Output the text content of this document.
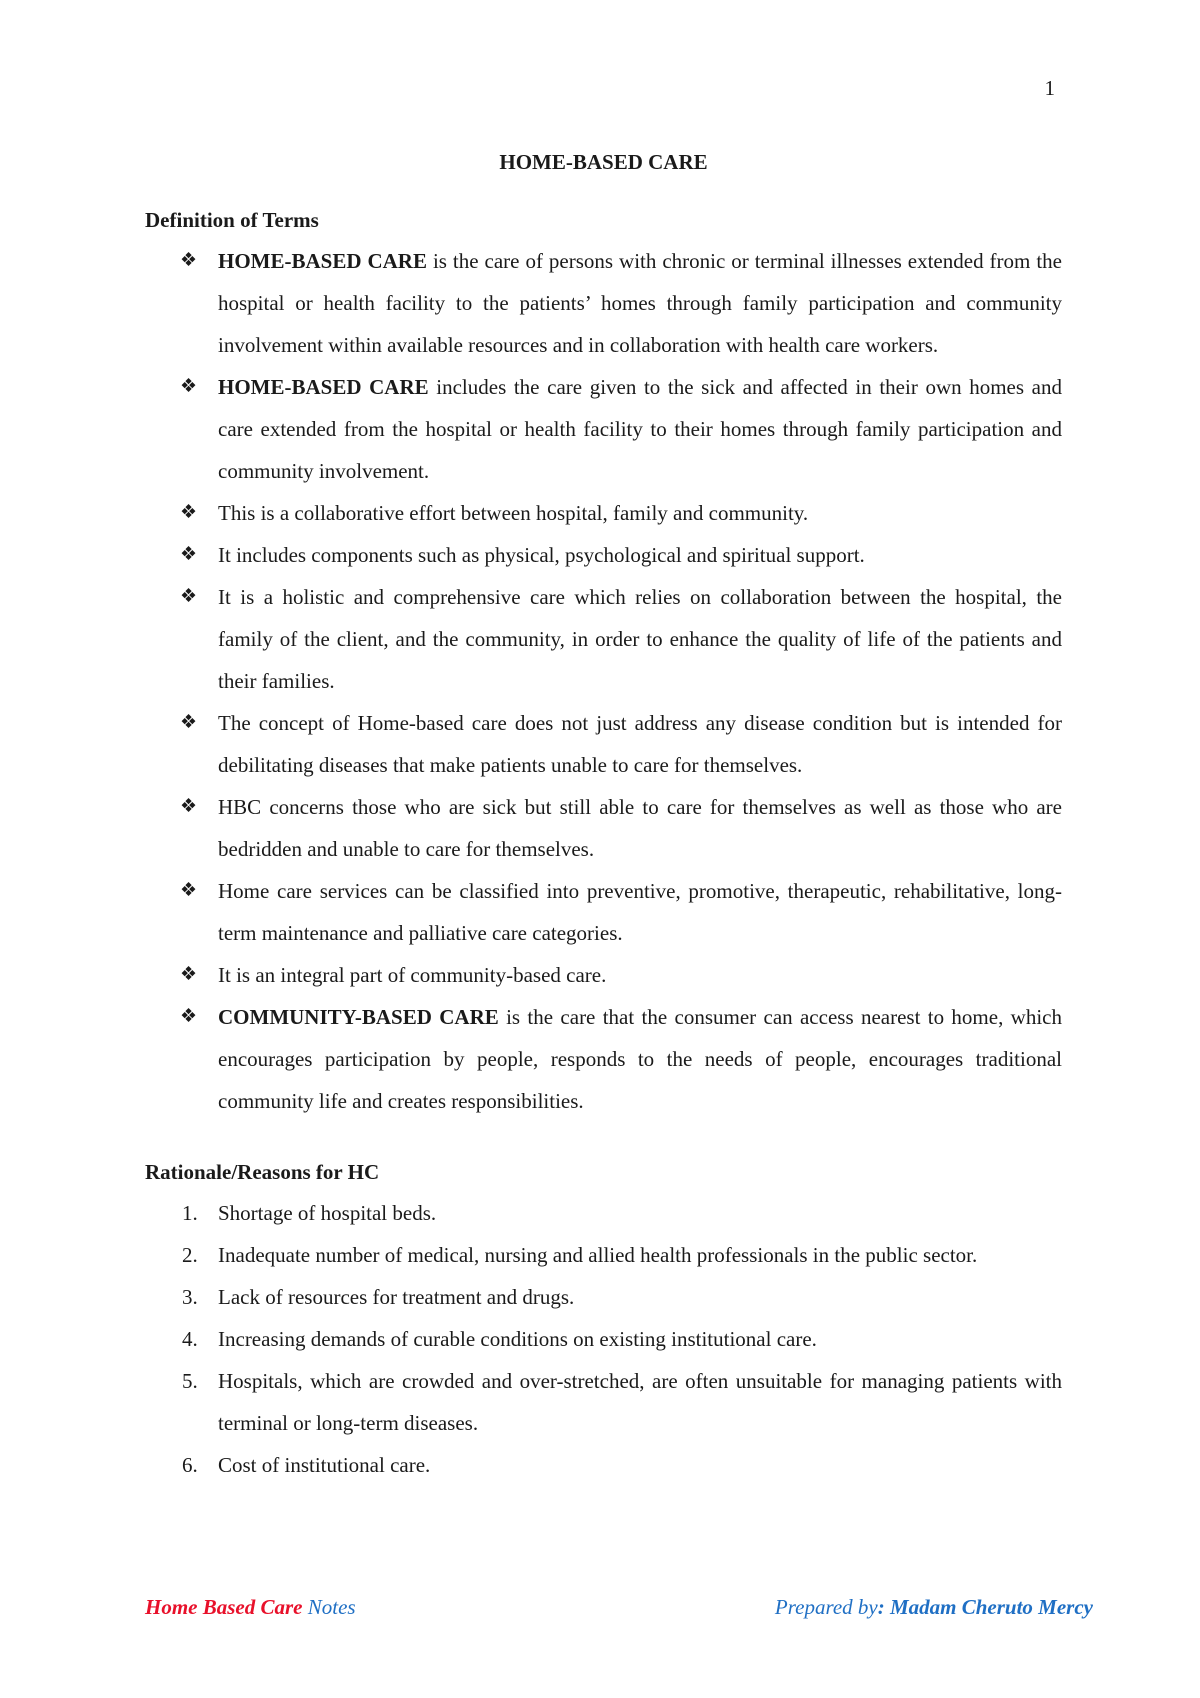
1
HOME-BASED CARE
Definition of Terms
❖ HOME-BASED CARE is the care of persons with chronic or terminal illnesses extended from the hospital or health facility to the patients’ homes through family participation and community involvement within available resources and in collaboration with health care workers.
❖ HOME-BASED CARE includes the care given to the sick and affected in their own homes and care extended from the hospital or health facility to their homes through family participation and community involvement.
❖ This is a collaborative effort between hospital, family and community.
❖ It includes components such as physical, psychological and spiritual support.
❖ It is a holistic and comprehensive care which relies on collaboration between the hospital, the family of the client, and the community, in order to enhance the quality of life of the patients and their families.
❖ The concept of Home-based care does not just address any disease condition but is intended for debilitating diseases that make patients unable to care for themselves.
❖ HBC concerns those who are sick but still able to care for themselves as well as those who are bedridden and unable to care for themselves.
❖ Home care services can be classified into preventive, promotive, therapeutic, rehabilitative, long-term maintenance and palliative care categories.
❖ It is an integral part of community-based care.
❖ COMMUNITY-BASED CARE is the care that the consumer can access nearest to home, which encourages participation by people, responds to the needs of people, encourages traditional community life and creates responsibilities.
Rationale/Reasons for HC
1. Shortage of hospital beds.
2. Inadequate number of medical, nursing and allied health professionals in the public sector.
3. Lack of resources for treatment and drugs.
4. Increasing demands of curable conditions on existing institutional care.
5. Hospitals, which are crowded and over-stretched, are often unsuitable for managing patients with terminal or long-term diseases.
6. Cost of institutional care.
Home Based Care Notes	Prepared by: Madam Cheruto Mercy
